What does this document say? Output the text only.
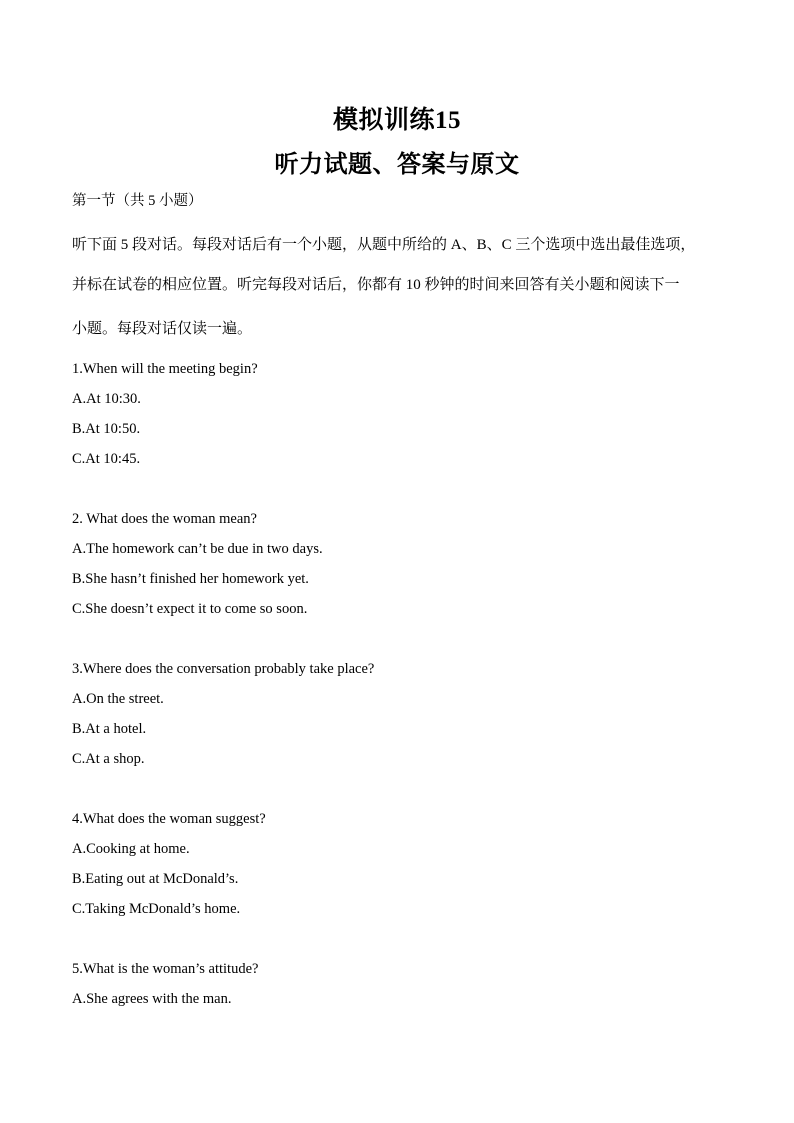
模拟训练15
听力试题、答案与原文
第一节（共 5 小题）
听下面 5 段对话。每段对话后有一个小题，从题中所给的 A、B、C 三个选项中选出最佳选项，
并标在试卷的相应位置。听完每段对话后，你都有 10 秒钟的时间来回答有关小题和阅读下一
小题。每段对话仅读一遍。
1.When will the meeting begin?
A.At 10:30.
B.At 10:50.
C.At 10:45.
2. What does the woman mean?
A.The homework can’t be due in two days.
B.She hasn’t finished her homework yet.
C.She doesn’t expect it to come so soon.
3.Where does the conversation probably take place?
A.On the street.
B.At a hotel.
C.At a shop.
4.What does the woman suggest?
A.Cooking at home.
B.Eating out at McDonald’s.
C.Taking McDonald’s home.
5.What is the woman’s attitude?
A.She agrees with the man.
